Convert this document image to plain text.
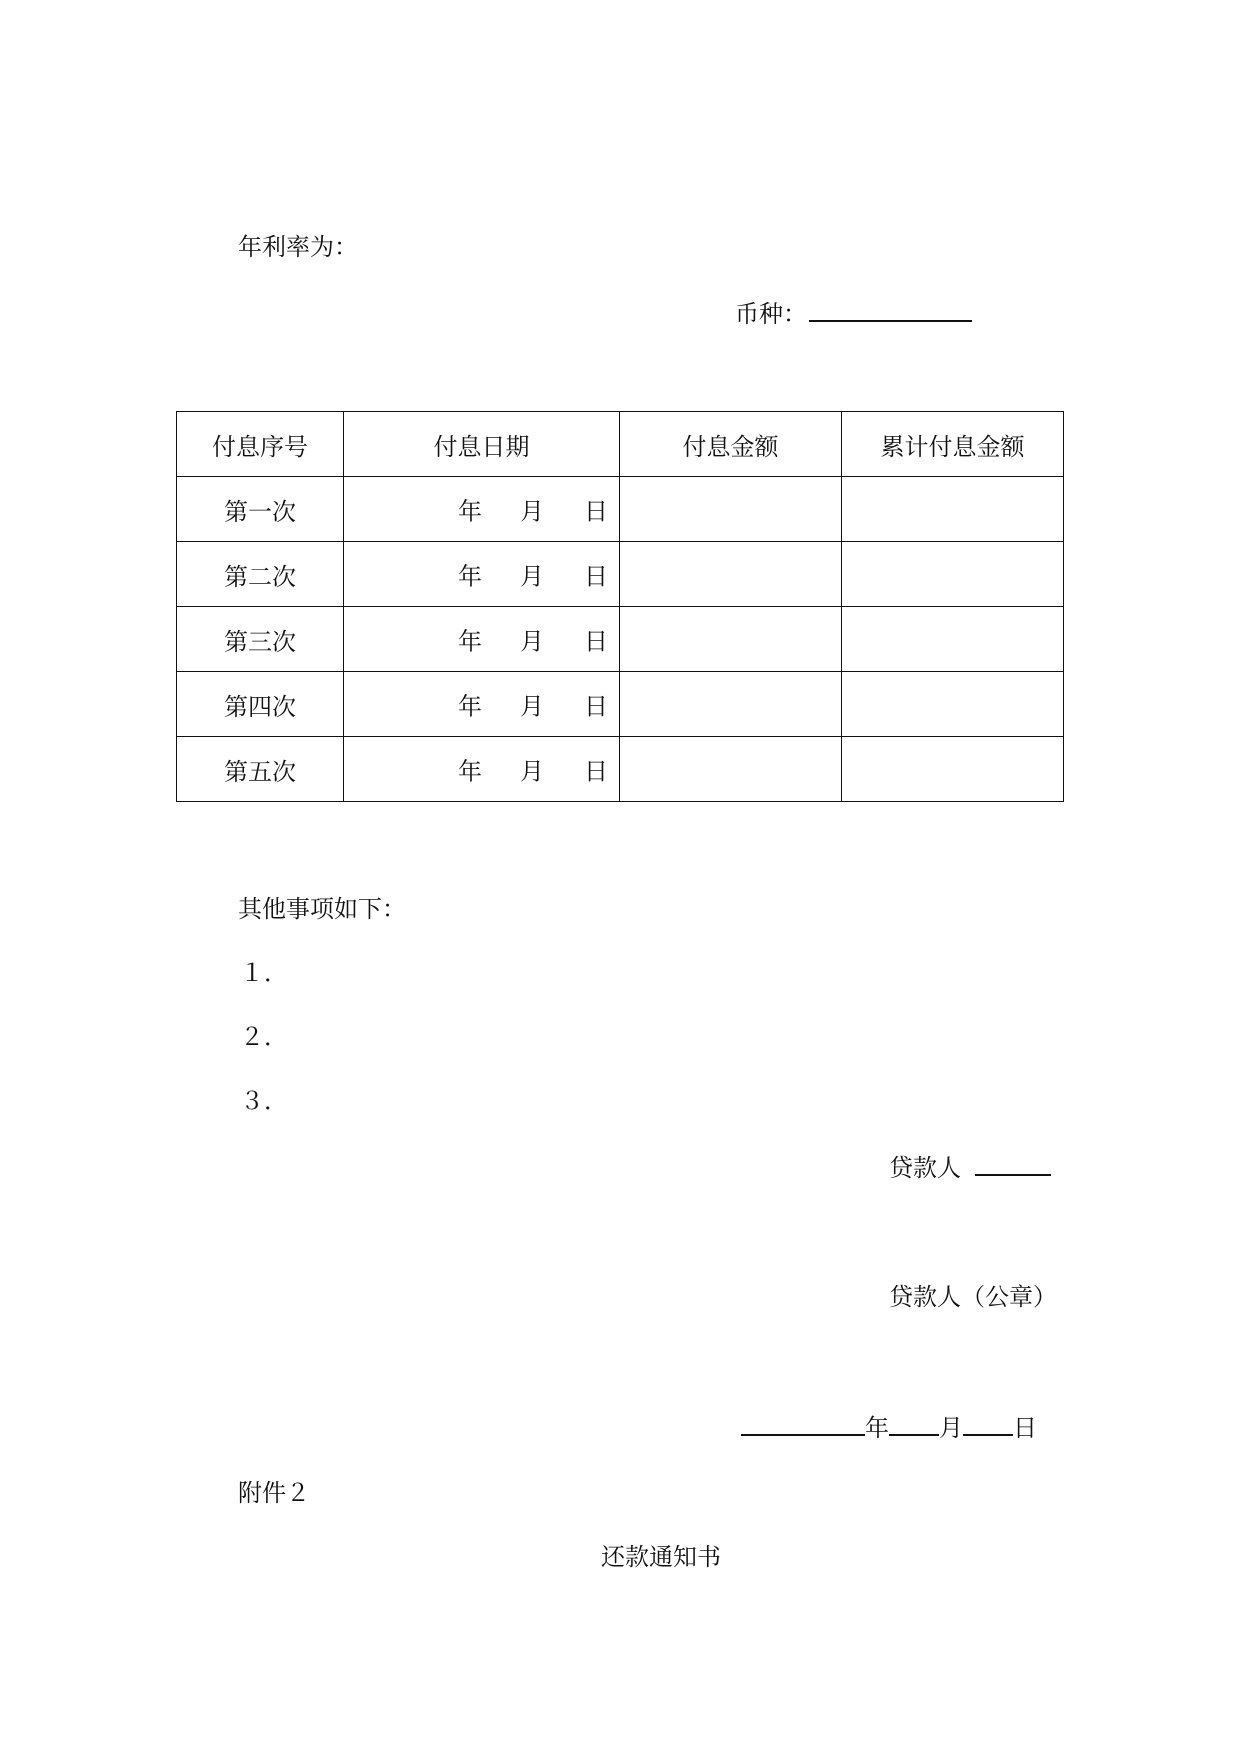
年利率为：
币种：
付息序号	付息日期	付息金额	累计付息金额
第一次	年 月 日		

第二次	年 月 日		

第三次	年 月 日		

第四次	年 月 日		

第五次	年 月 日		

其他事项如下：
１．
２．
３．
贷款人
贷款人（公章）
年 月 日
附件２
还款通知书
